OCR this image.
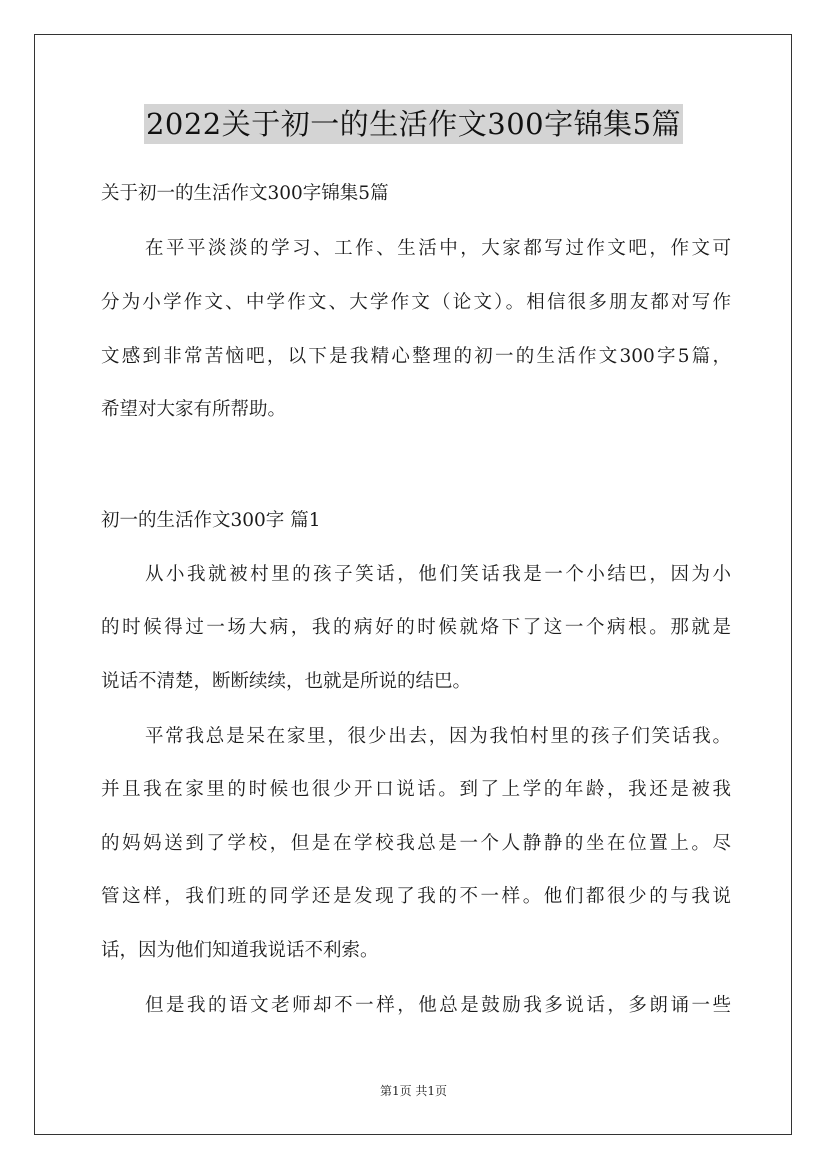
2022关于初一的生活作文300字锦集5篇
关于初一的生活作文300字锦集5篇
在平平淡淡的学习、工作、生活中，大家都写过作文吧，作文可
分为小学作文、中学作文、大学作文（论文）。相信很多朋友都对写作
文感到非常苦恼吧，以下是我精心整理的初一的生活作文300字5篇，
希望对大家有所帮助。
初一的生活作文300字 篇1
从小我就被村里的孩子笑话，他们笑话我是一个小结巴，因为小
的时候得过一场大病，我的病好的时候就烙下了这一个病根。那就是
说话不清楚，断断续续，也就是所说的结巴。
平常我总是呆在家里，很少出去，因为我怕村里的孩子们笑话我。
并且我在家里的时候也很少开口说话。到了上学的年龄，我还是被我
的妈妈送到了学校，但是在学校我总是一个人静静的坐在位置上。尽
管这样，我们班的同学还是发现了我的不一样。他们都很少的与我说
话，因为他们知道我说话不利索。
但是我的语文老师却不一样，他总是鼓励我多说话，多朗诵一些
第1页 共1页
